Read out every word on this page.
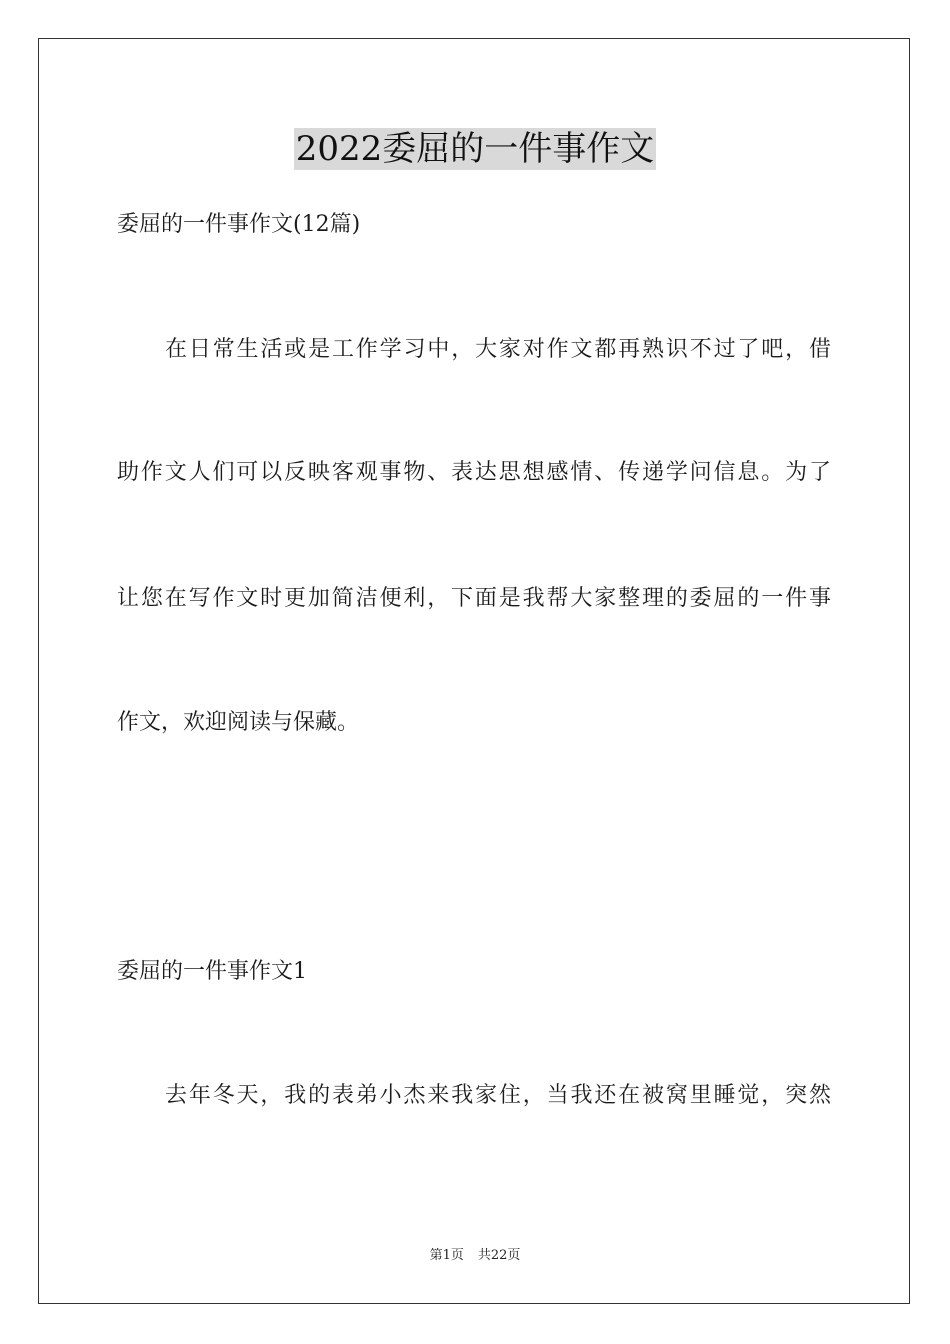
2022委屈的一件事作文
委屈的一件事作文(12篇)
在日常生活或是工作学习中，大家对作文都再熟识不过了吧，借
助作文人们可以反映客观事物、表达思想感情、传递学问信息。为了
让您在写作文时更加简洁便利，下面是我帮大家整理的委屈的一件事
作文，欢迎阅读与保藏。
委屈的一件事作文1
去年冬天，我的表弟小杰来我家住，当我还在被窝里睡觉，突然
第1页 共22页
